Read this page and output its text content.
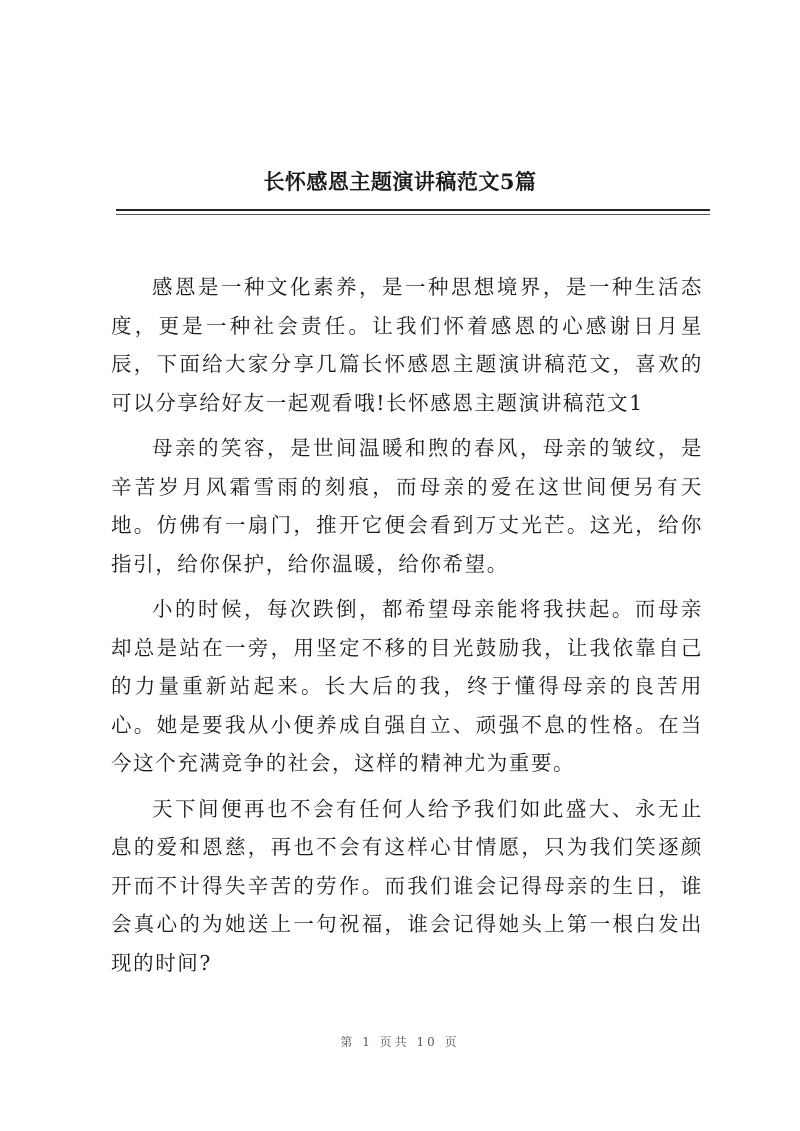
长怀感恩主题演讲稿范文5篇

感恩是一种文化素养，是一种思想境界，是一种生活态度，更是一种社会责任。让我们怀着感恩的心感谢日月星辰，下面给大家分享几篇长怀感恩主题演讲稿范文，喜欢的可以分享给好友一起观看哦!长怀感恩主题演讲稿范文1

母亲的笑容，是世间温暖和煦的春风，母亲的皱纹，是辛苦岁月风霜雪雨的刻痕，而母亲的爱在这世间便另有天地。仿佛有一扇门，推开它便会看到万丈光芒。这光，给你指引，给你保护，给你温暖，给你希望。

小的时候，每次跌倒，都希望母亲能将我扶起。而母亲却总是站在一旁，用坚定不移的目光鼓励我，让我依靠自己的力量重新站起来。长大后的我，终于懂得母亲的良苦用心。她是要我从小便养成自强自立、顽强不息的性格。在当今这个充满竞争的社会，这样的精神尤为重要。

天下间便再也不会有任何人给予我们如此盛大、永无止息的爱和恩慈，再也不会有这样心甘情愿，只为我们笑逐颜开而不计得失辛苦的劳作。而我们谁会记得母亲的生日，谁会真心的为她送上一句祝福，谁会记得她头上第一根白发出现的时间?

第 1 页共 10 页
